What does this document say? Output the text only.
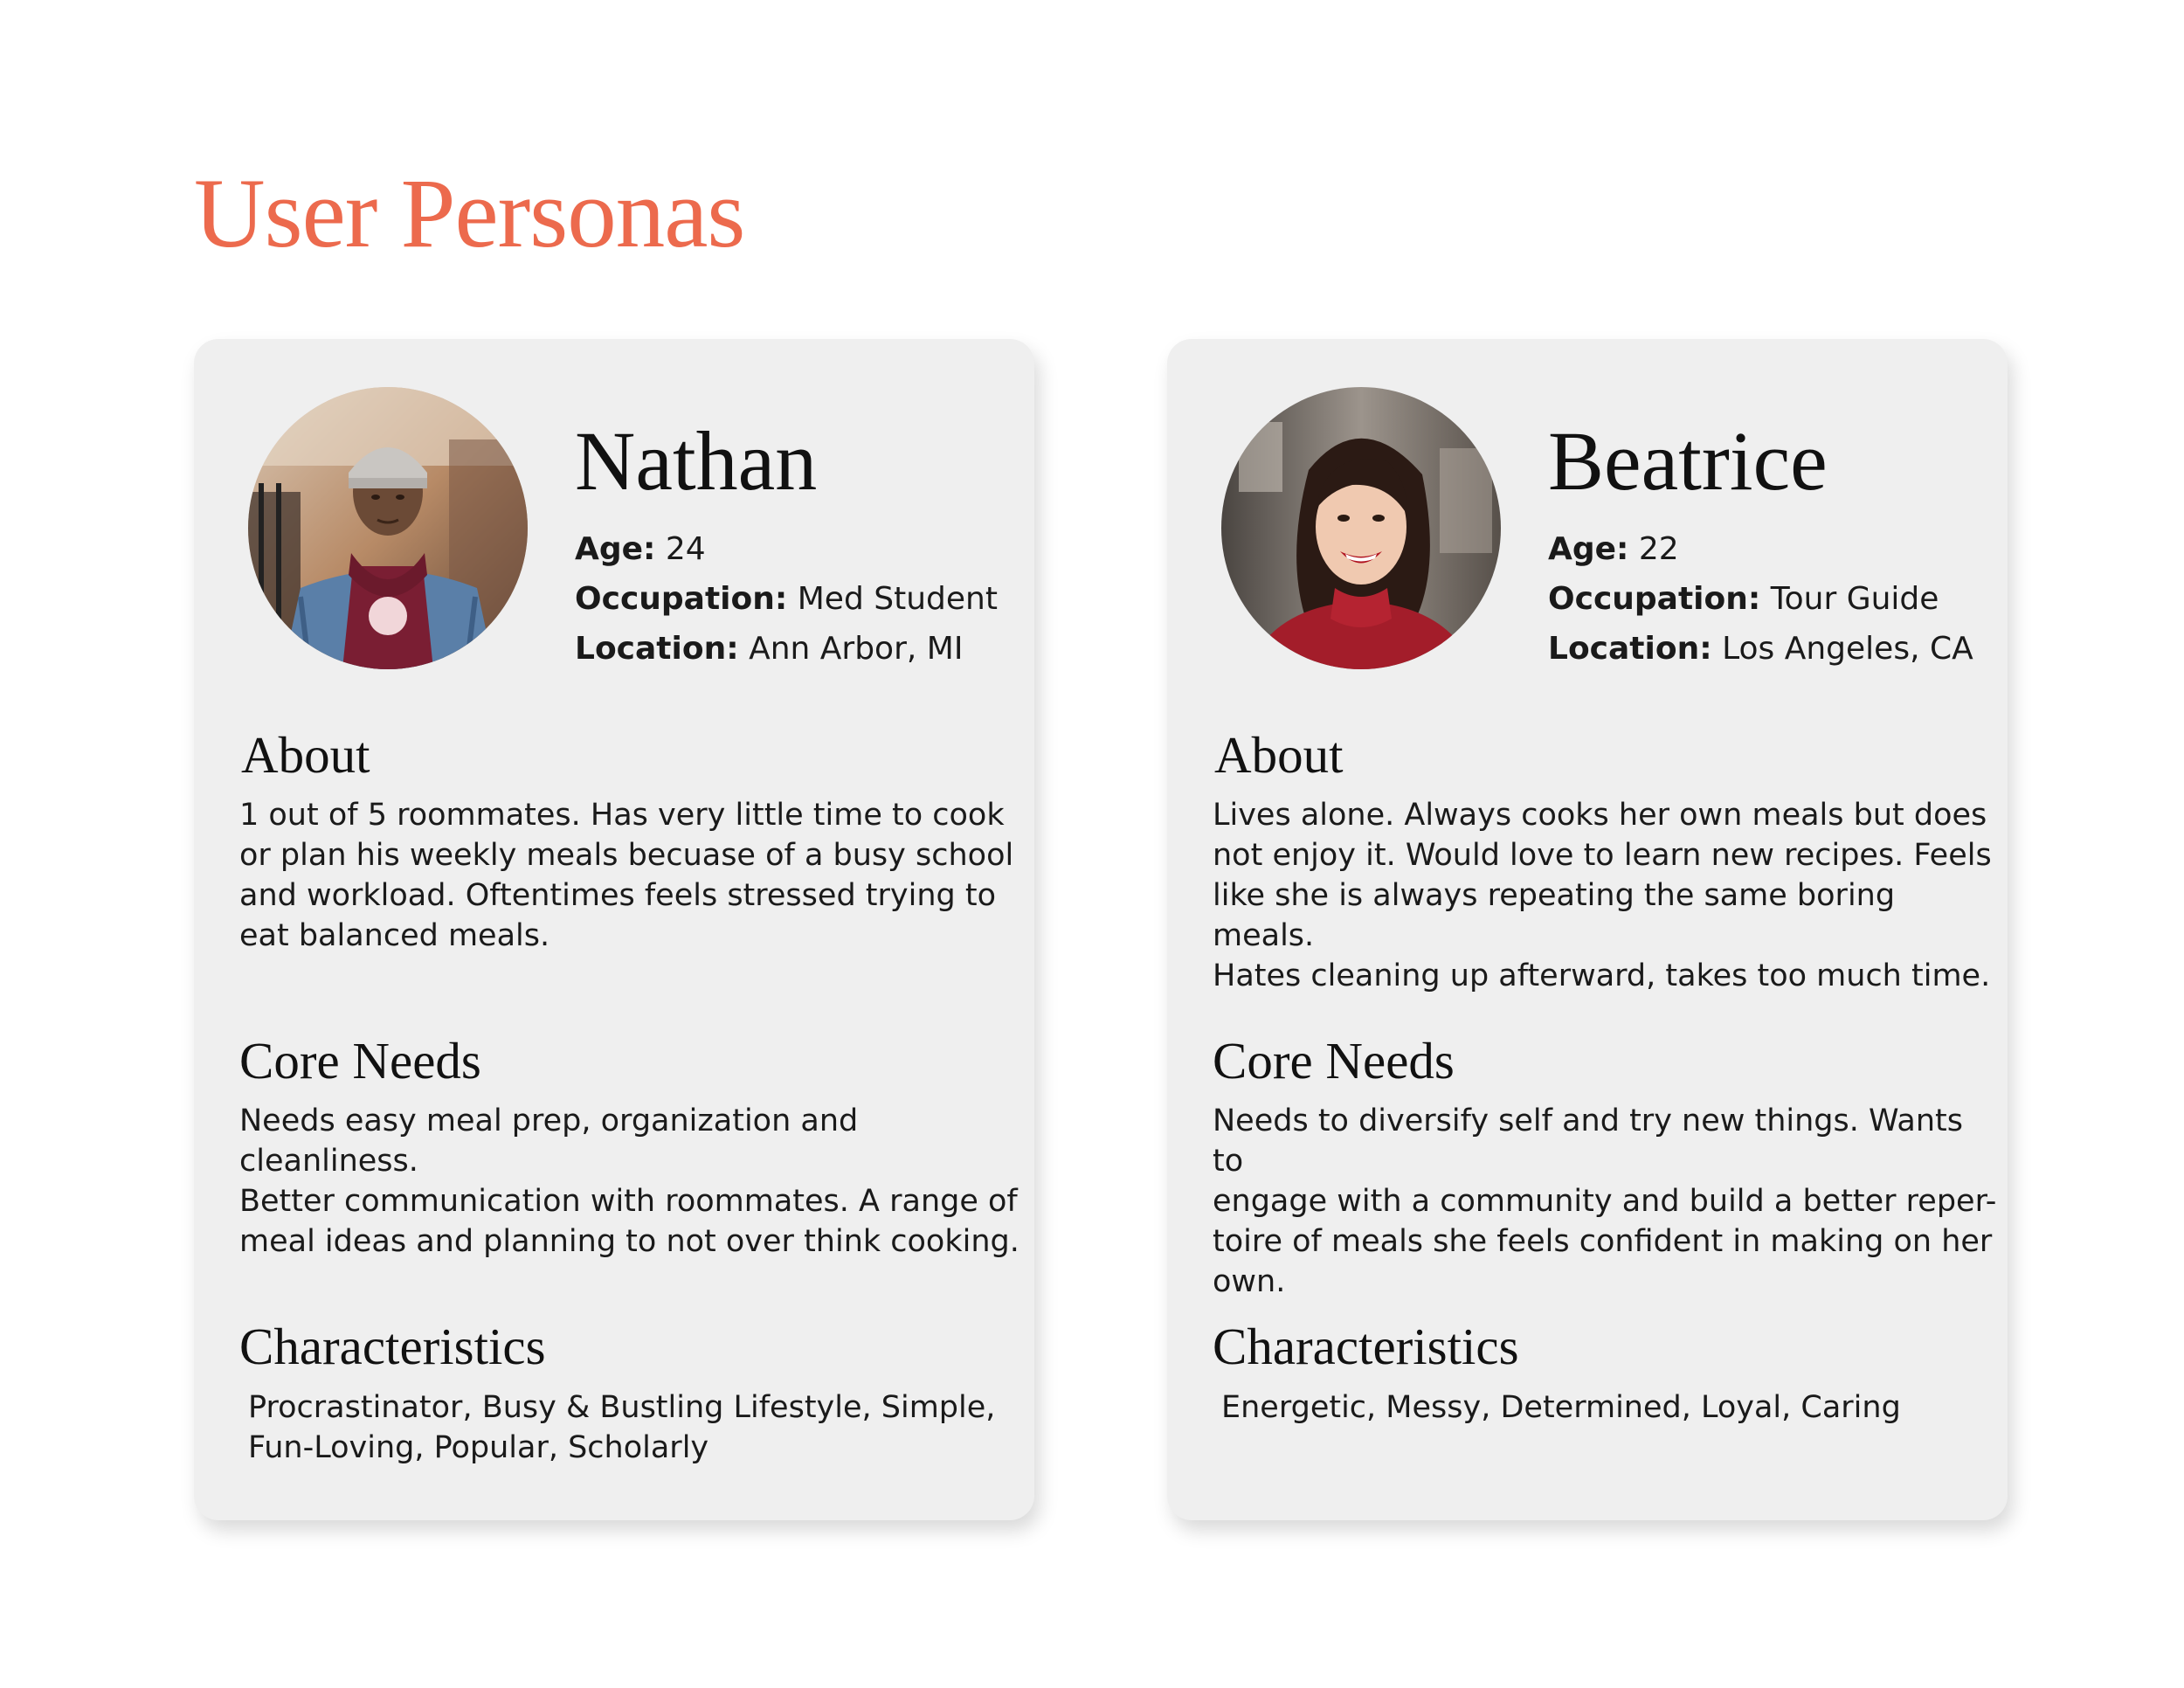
User Personas
Nathan
Age: 24
Occupation: Med Student
Location: Ann Arbor, MI
About

1 out of 5 roommates. Has very little time to cook
or plan his weekly meals becuase of a busy school
and workload. Oftentimes feels stressed trying to
eat balanced meals.

Core Needs

Needs easy meal prep, organization and cleanliness.
Better communication with roommates. A range of
meal ideas and planning to not over think cooking.

Characteristics

Procrastinator, Busy & Bustling Lifestyle, Simple,
Fun-Loving, Popular, Scholarly

Beatrice
Age: 22
Occupation: Tour Guide
Location: Los Angeles, CA
About

Lives alone. Always cooks her own meals but does
not enjoy it. Would love to learn new recipes. Feels
like she is always repeating the same boring meals.
Hates cleaning up afterward, takes too much time.

Core Needs

Needs to diversify self and try new things. Wants to
engage with a community and build a better reper-
toire of meals she feels confident in making on her
own.

Characteristics

Energetic, Messy, Determined, Loyal, Caring
